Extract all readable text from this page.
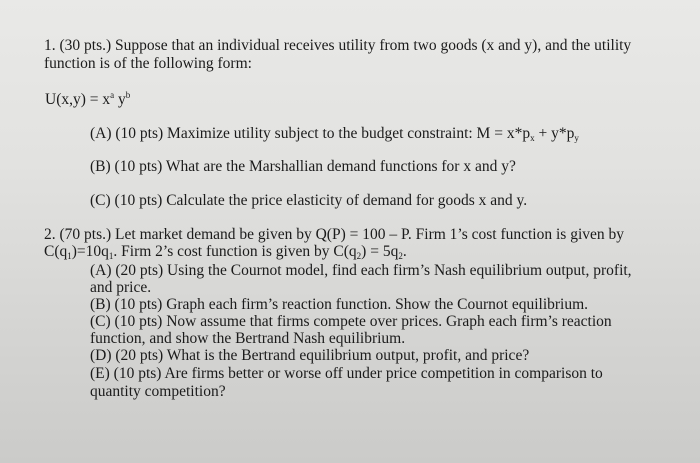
1. (30 pts.) Suppose that an individual receives utility from two goods (x and y), and the utility
function is of the following form:
$U(x,y) = x^a$ $y^b$
(A) (10 pts) Maximize utility subject to the budget constraint: $M = x*p_x + y*p_y$
(B) (10 pts) What are the Marshallian demand functions for x and y?
(C) (10 pts) Calculate the price elasticity of demand for goods x and y.
2. (70 pts.) Let market demand be given by Q(P) = 100 – P. Firm 1’s cost function is given by
$C(q_1)=10q_1$. Firm 2’s cost function is given by $C(q_2) = 5q_2$.
(A) (20 pts) Using the Cournot model, find each firm’s Nash equilibrium output, profit,
and price.
(B) (10 pts) Graph each firm’s reaction function. Show the Cournot equilibrium.
(C) (10 pts) Now assume that firms compete over prices. Graph each firm’s reaction
function, and show the Bertrand Nash equilibrium.
(D) (20 pts) What is the Bertrand equilibrium output, profit, and price?
(E) (10 pts) Are firms better or worse off under price competition in comparison to
quantity competition?
